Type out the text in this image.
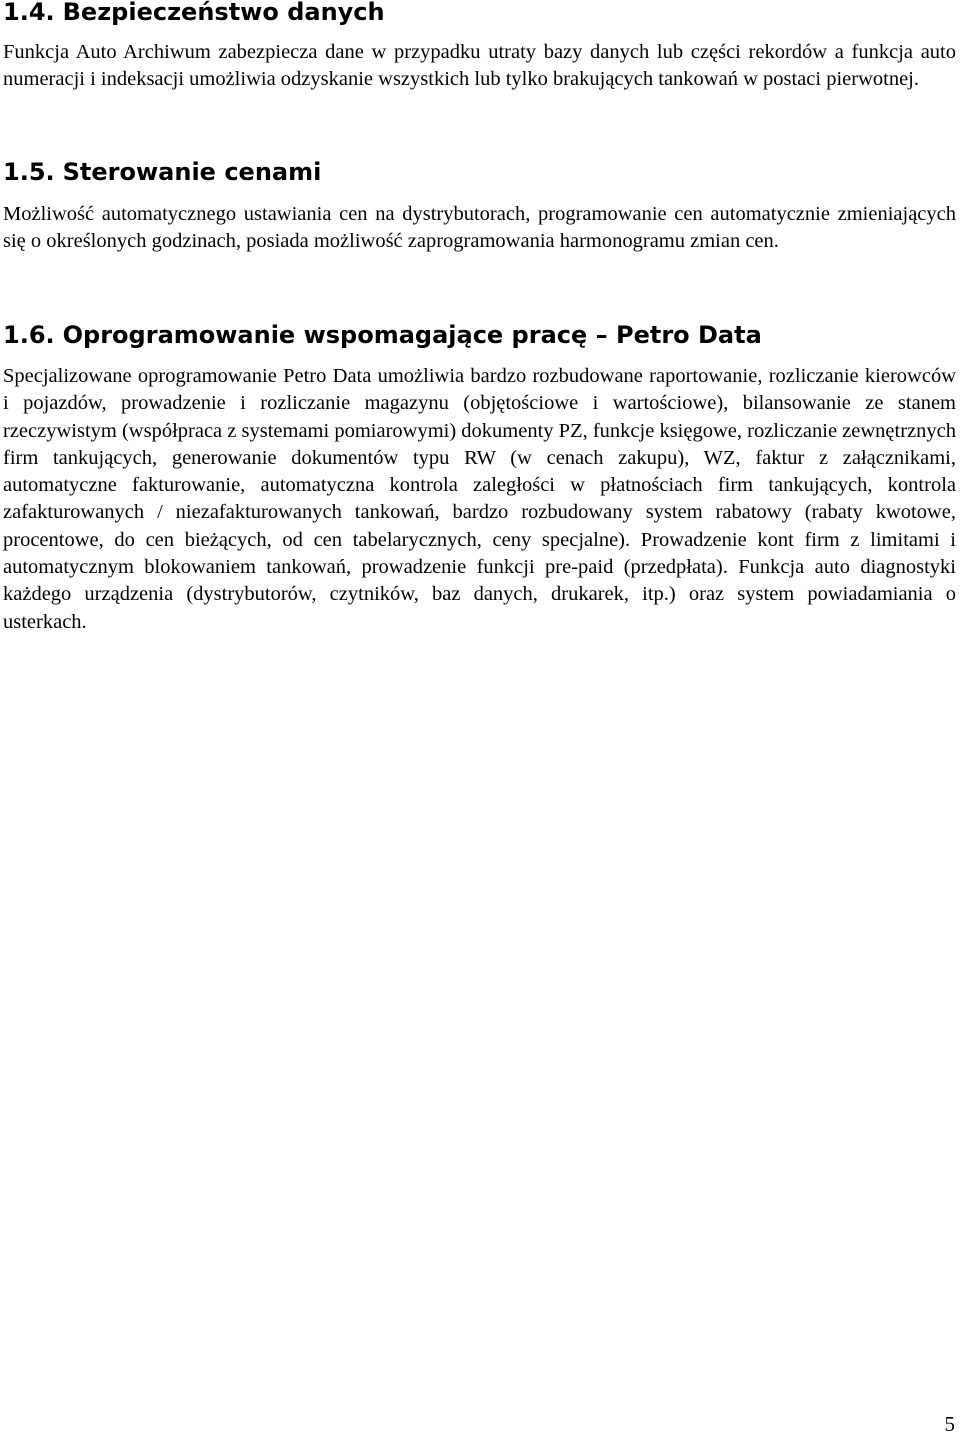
1.4. Bezpieczeństwo danych

Funkcja Auto Archiwum zabezpiecza dane w przypadku utraty bazy danych lub części rekordów a funkcja auto numeracji i indeksacji umożliwia odzyskanie wszystkich lub tylko brakujących tankowań w postaci pierwotnej.

1.5. Sterowanie cenami

Możliwość automatycznego ustawiania cen na dystrybutorach, programowanie cen automatycznie zmieniających się o określonych godzinach, posiada możliwość zaprogramowania harmonogramu zmian cen.

1.6. Oprogramowanie wspomagające pracę – Petro Data

Specjalizowane oprogramowanie Petro Data umożliwia bardzo rozbudowane raportowanie, rozliczanie kierowców i pojazdów, prowadzenie i rozliczanie magazynu (objętościowe i wartościowe), bilansowanie ze stanem rzeczywistym (współpraca z systemami pomiarowymi) dokumenty PZ, funkcje księgowe, rozliczanie zewnętrznych firm tankujących, generowanie dokumentów typu RW (w cenach zakupu), WZ, faktur z załącznikami, automatyczne fakturowanie, automatyczna kontrola zaległości w płatnościach firm tankujących, kontrola zafakturowanych / niezafakturowanych tankowań, bardzo rozbudowany system rabatowy (rabaty kwotowe, procentowe, do cen bieżących, od cen tabelarycznych, ceny specjalne). Prowadzenie kont firm z limitami i automatycznym blokowaniem tankowań, prowadzenie funkcji pre-paid (przedpłata). Funkcja auto diagnostyki każdego urządzenia (dystrybutorów, czytników, baz danych, drukarek, itp.) oraz system powiadamiania o usterkach.

5
